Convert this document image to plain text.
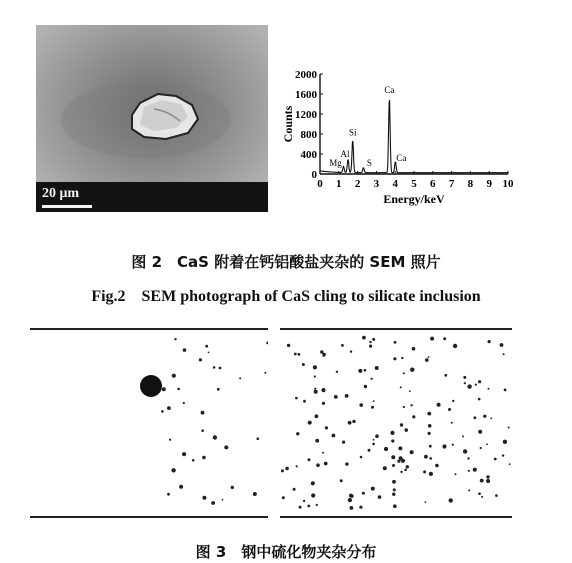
20 μm
0
400
800
1200
1600
2000
0 1 2 3 4 5 6 7 8 9 10
Energy/keV
Counts
Mg
Al
Si
S
Ca
Ca
图 2　CaS 附着在钙铝酸盐夹杂的 SEM 照片
Fig.2　SEM photograph of CaS cling to silicate inclusion
图 3　钢中硫化物夹杂分布
